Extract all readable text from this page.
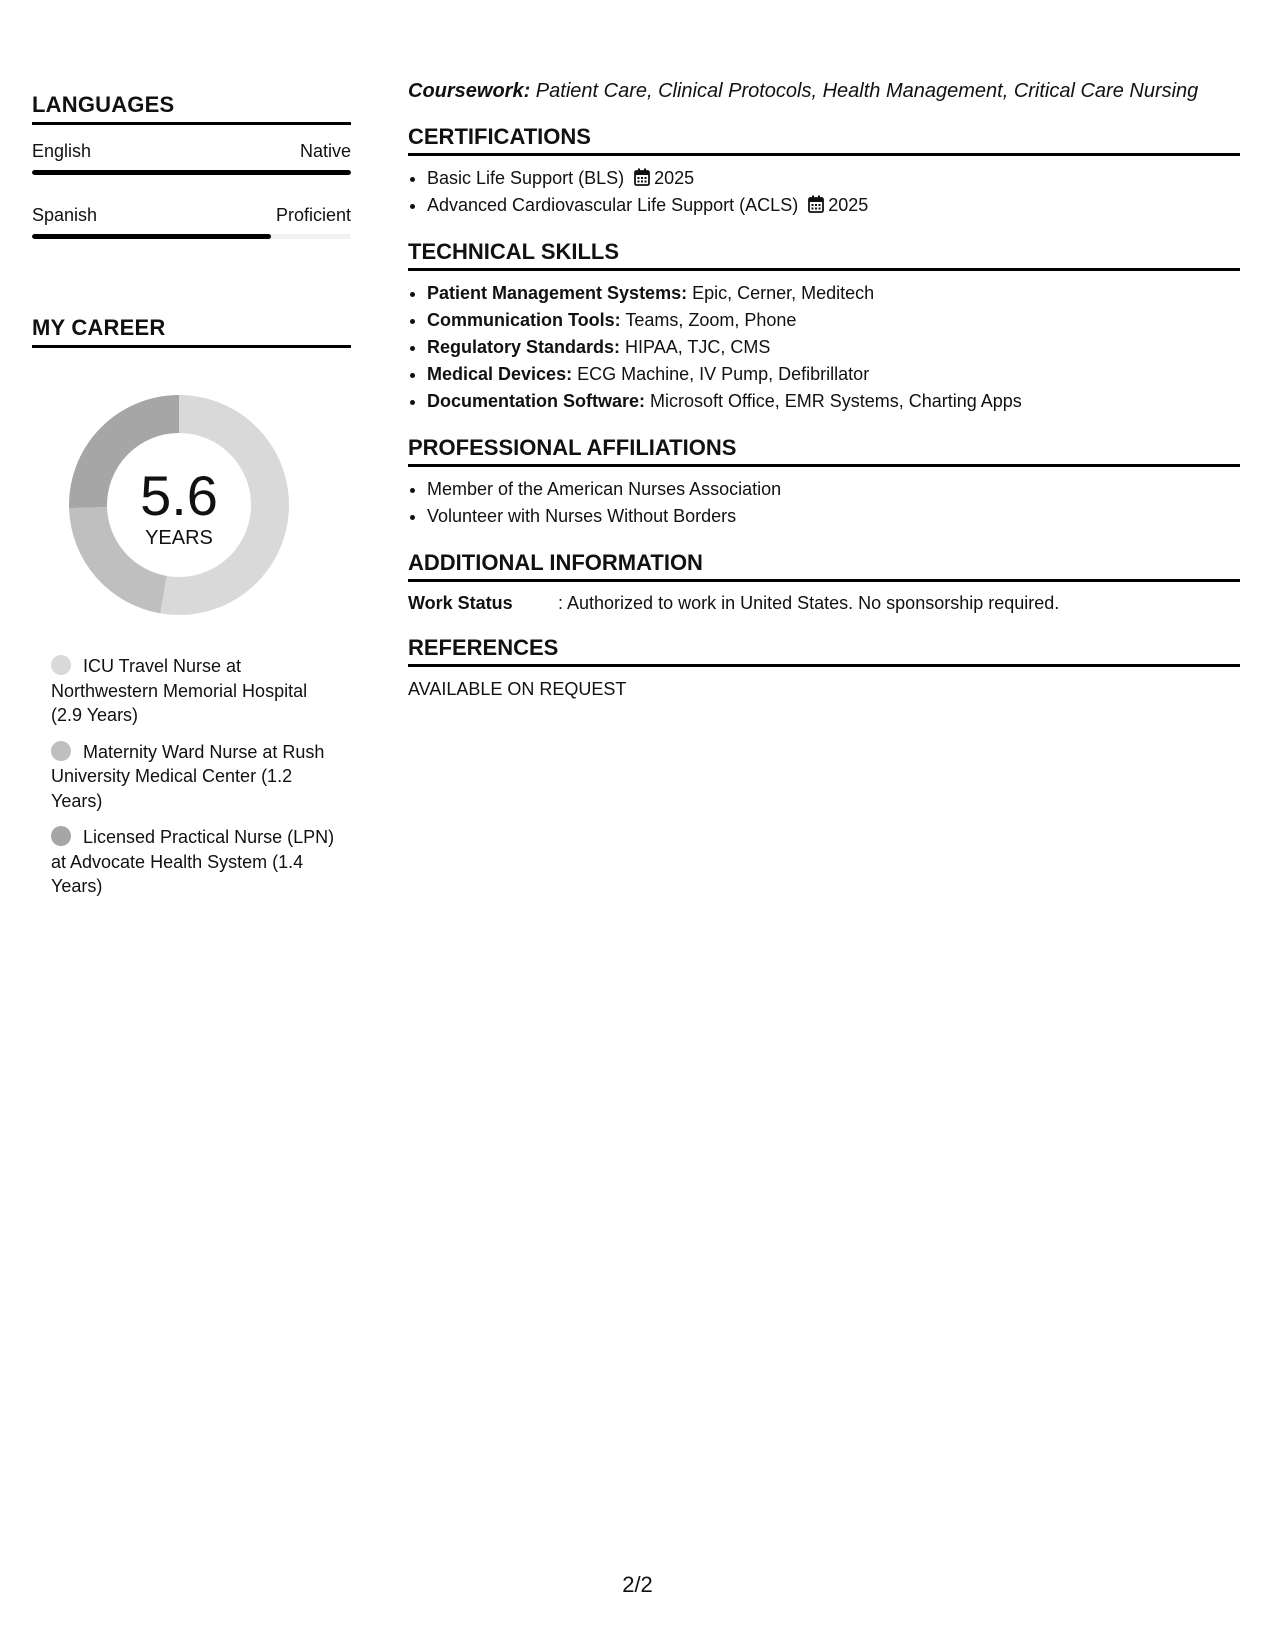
LANGUAGES
English	Native
Spanish	Proficient
MY CAREER
5.6
YEARS
ICU Travel Nurse at Northwestern Memorial Hospital (2.9 Years)
Maternity Ward Nurse at Rush University Medical Center (1.2 Years)
Licensed Practical Nurse (LPN) at Advocate Health System (1.4 Years)
Coursework: Patient Care, Clinical Protocols, Health Management, Critical Care Nursing
CERTIFICATIONS
• Basic Life Support (BLS) 2025
• Advanced Cardiovascular Life Support (ACLS) 2025
TECHNICAL SKILLS
• Patient Management Systems: Epic, Cerner, Meditech
• Communication Tools: Teams, Zoom, Phone
• Regulatory Standards: HIPAA, TJC, CMS
• Medical Devices: ECG Machine, IV Pump, Defibrillator
• Documentation Software: Microsoft Office, EMR Systems, Charting Apps
PROFESSIONAL AFFILIATIONS
• Member of the American Nurses Association
• Volunteer with Nurses Without Borders
ADDITIONAL INFORMATION
Work Status	: Authorized to work in United States. No sponsorship required.
REFERENCES
AVAILABLE ON REQUEST
2/2
